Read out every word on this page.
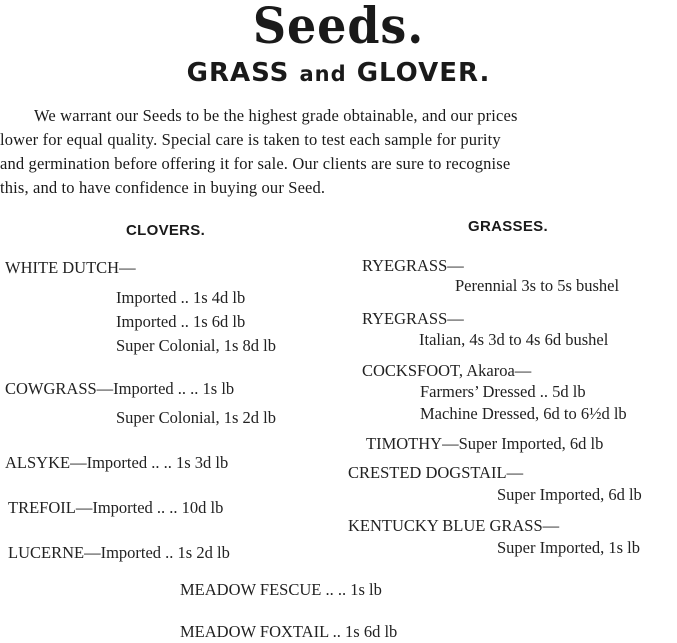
Seeds.
GRASS and GLOVER.
We warrant our Seeds to be the highest grade obtainable, and our prices
lower for equal quality. Special care is taken to test each sample for purity
and germination before offering it for sale. Our clients are sure to recognise
this, and to have confidence in buying our Seed.
CLOVERS.	GRASSES.
WHITE DUTCH—
Imported .. 1s 4d lb
Imported .. 1s 6d lb
Super Colonial, 1s 8d lb
COWGRASS—Imported .. .. 1s lb
Super Colonial, 1s 2d lb
ALSYKE—Imported .. .. 1s 3d lb
TREFOIL—Imported .. .. 10d lb
LUCERNE—Imported .. 1s 2d lb
RYEGRASS—
Perennial 3s to 5s bushel
RYEGRASS—
Italian, 4s 3d to 4s 6d bushel
COCKSFOOT, Akaroa—
Farmers’ Dressed .. 5d lb
Machine Dressed, 6d to 6½d lb
TIMOTHY—Super Imported, 6d lb
CRESTED DOGSTAIL—
Super Imported, 6d lb
KENTUCKY BLUE GRASS—
Super Imported, 1s lb
MEADOW FESCUE .. .. 1s lb
MEADOW FOXTAIL .. 1s 6d lb
